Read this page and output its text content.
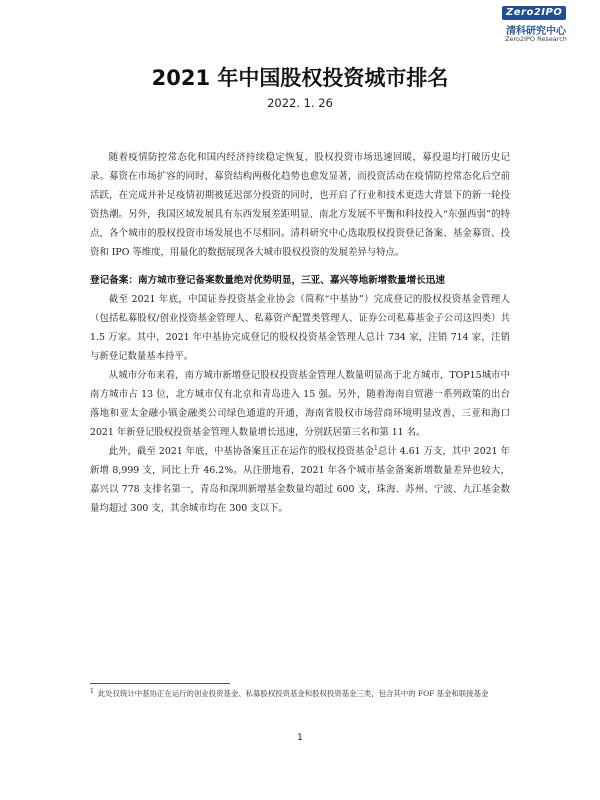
Zero2IPO
清科研究中心
Zero2IPO Research
2021 年中国股权投资城市排名
2022. 1. 26

随着疫情防控常态化和国内经济持续稳定恢复，股权投资市场迅速回暖，募投退均打破历史记录。募资在市场扩容的同时，募资结构两极化趋势也愈发显著，而投资活动在疫情防控常态化后空前活跃，在完成并补足疫情初期被延迟部分投资的同时，也开启了行业和技术更迭大背景下的新一轮投资热潮。另外，我国区域发展具有东西发展差距明显、南北方发展不平衡和科技投入“东强西弱”的特点，各个城市的股权投资市场发展也不尽相同。清科研究中心选取股权投资登记备案、基金募资、投资和 IPO 等维度，用量化的数据展现各大城市股权投资的发展差异与特点。

登记备案：南方城市登记备案数量绝对优势明显，三亚、嘉兴等地新增数量增长迅速

截至 2021 年底，中国证券投资基金业协会（简称“中基协”）完成登记的股权投资基金管理人（包括私募股权/创业投资基金管理人、私募资产配置类管理人、证券公司私募基金子公司这四类）共 1.5 万家。其中，2021 年中基协完成登记的股权投资基金管理人总计 734 家，注销 714 家，注销与新登记数量基本持平。

从城市分布来看，南方城市新增登记股权投资基金管理人数量明显高于北方城市，TOP15城市中南方城市占 13 位，北方城市仅有北京和青岛进入 15 强。另外，随着海南自贸港一系列政策的出台落地和亚太金融小镇金融类公司绿色通道的开通，海南省股权市场营商环境明显改善，三亚和海口 2021 年新登记股权投资基金管理人数量增长迅速，分别跃居第三名和第 11 名。

此外，截至 2021 年底，中基协备案且正在运作的股权投资基金$^1$总计 4.61 万支，其中 2021 年新增 8,999 支，同比上升 46.2%。从注册地看，2021 年各个城市基金备案新增数量差异也较大，嘉兴以 778 支排名第一，青岛和深圳新增基金数量均超过 600 支，珠海、苏州、宁波、九江基金数量均超过 300 支，其余城市均在 300 支以下。

$^1$ 此处仅统计中基协正在运行的创业投资基金、私募股权投资基金和股权投资基金三类，包含其中的 FOF 基金和联接基金
1
